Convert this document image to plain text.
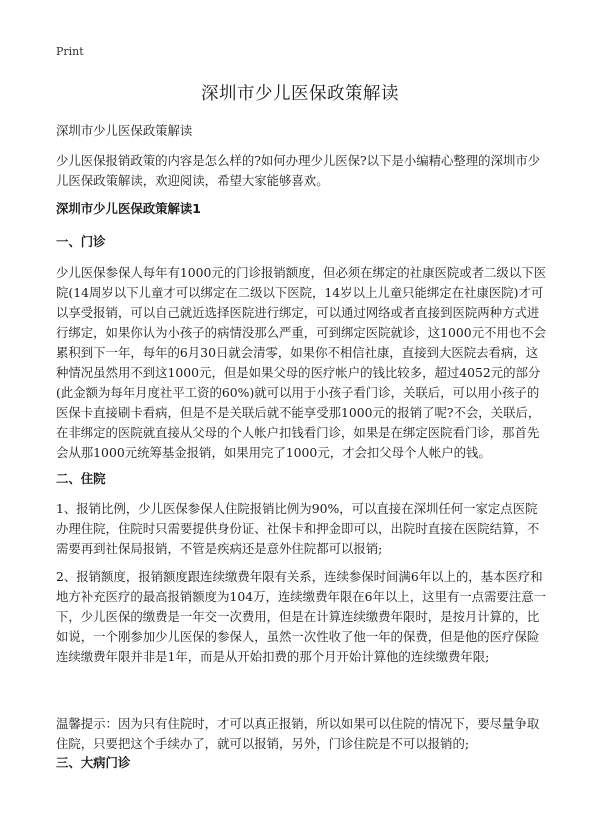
Print
深圳市少儿医保政策解读

深圳市少儿医保政策解读

少儿医保报销政策的内容是怎么样的?如何办理少儿医保?以下是小编精心整理的深圳市少儿医保政策解读，欢迎阅读，希望大家能够喜欢。

深圳市少儿医保政策解读1

一、门诊

少儿医保参保人每年有1000元的门诊报销额度，但必须在绑定的社康医院或者二级以下医院(14周岁以下儿童才可以绑定在二级以下医院，14岁以上儿童只能绑定在社康医院)才可以享受报销，可以自己就近选择医院进行绑定，可以通过网络或者直接到医院两种方式进行绑定，如果你认为小孩子的病情没那么严重，可到绑定医院就诊，这1000元不用也不会累积到下一年，每年的6月30日就会清零，如果你不相信社康，直接到大医院去看病，这种情况虽然用不到这1000元，但是如果父母的医疗帐户的钱比较多，超过4052元的部分(此金额为每年月度社平工资的60%)就可以用于小孩子看门诊，关联后，可以用小孩子的医保卡直接刷卡看病，但是不是关联后就不能享受那1000元的报销了呢?不会，关联后，在非绑定的医院就直接从父母的个人帐户扣钱看门诊，如果是在绑定医院看门诊，那首先会从那1000元统筹基金报销，如果用完了1000元，才会扣父母个人帐户的钱。

二、住院

1、报销比例，少儿医保参保人住院报销比例为90%，可以直接在深圳任何一家定点医院办理住院，住院时只需要提供身份证、社保卡和押金即可以，出院时直接在医院结算，不需要再到社保局报销，不管是疾病还是意外住院都可以报销;

2、报销额度，报销额度跟连续缴费年限有关系，连续参保时间满6年以上的，基本医疗和地方补充医疗的最高报销额度为104万，连续缴费年限在6年以上，这里有一点需要注意一下，少儿医保的缴费是一年交一次费用，但是在计算连续缴费年限时，是按月计算的，比如说，一个刚参加少儿医保的参保人，虽然一次性收了他一年的保费，但是他的医疗保险连续缴费年限并非是1年，而是从开始扣费的那个月开始计算他的连续缴费年限;

温馨提示：因为只有住院时，才可以真正报销，所以如果可以住院的情况下，要尽量争取住院，只要把这个手续办了，就可以报销，另外，门诊住院是不可以报销的;

三、大病门诊
